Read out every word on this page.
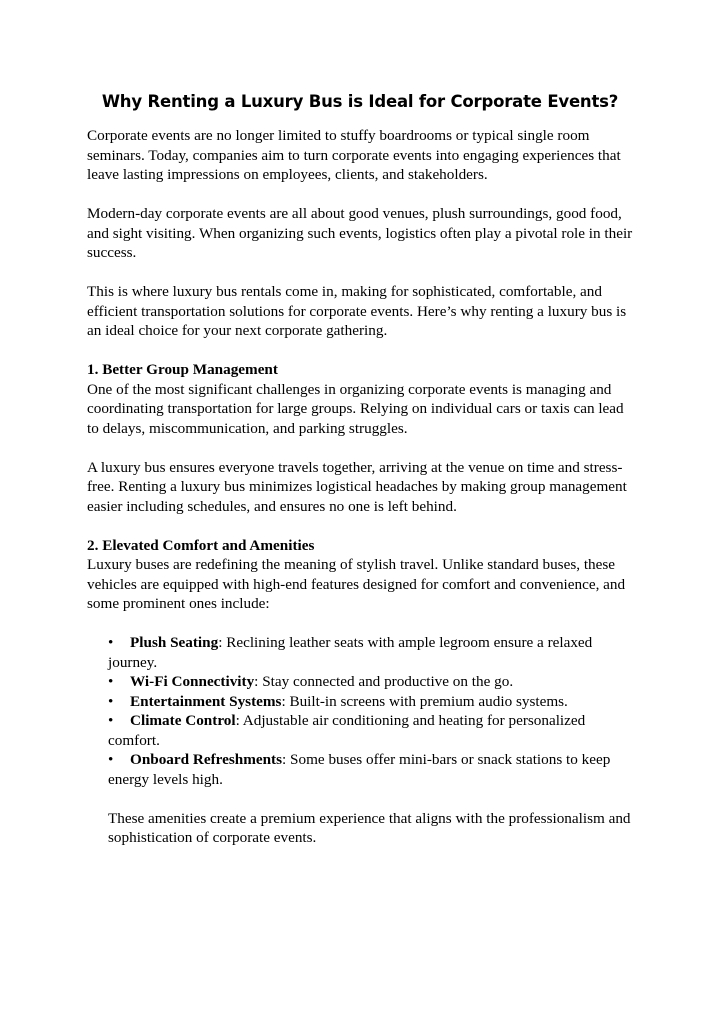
Why Renting a Luxury Bus is Ideal for Corporate Events?

Corporate events are no longer limited to stuffy boardrooms or typical single room seminars. Today, companies aim to turn corporate events into engaging experiences that leave lasting impressions on employees, clients, and stakeholders.

Modern-day corporate events are all about good venues, plush surroundings, good food, and sight visiting. When organizing such events, logistics often play a pivotal role in their success.

This is where luxury bus rentals come in, making for sophisticated, comfortable, and efficient transportation solutions for corporate events. Here’s why renting a luxury bus is an ideal choice for your next corporate gathering.

1. Better Group Management
One of the most significant challenges in organizing corporate events is managing and coordinating transportation for large groups. Relying on individual cars or taxis can lead to delays, miscommunication, and parking struggles.

A luxury bus ensures everyone travels together, arriving at the venue on time and stress-free. Renting a luxury bus minimizes logistical headaches by making group management easier including schedules, and ensures no one is left behind.

2. Elevated Comfort and Amenities
Luxury buses are redefining the meaning of stylish travel. Unlike standard buses, these vehicles are equipped with high-end features designed for comfort and convenience, and some prominent ones include:

• Plush Seating: Reclining leather seats with ample legroom ensure a relaxed journey.
• Wi-Fi Connectivity: Stay connected and productive on the go.
• Entertainment Systems: Built-in screens with premium audio systems.
• Climate Control: Adjustable air conditioning and heating for personalized comfort.
• Onboard Refreshments: Some buses offer mini-bars or snack stations to keep energy levels high.

These amenities create a premium experience that aligns with the professionalism and sophistication of corporate events.
